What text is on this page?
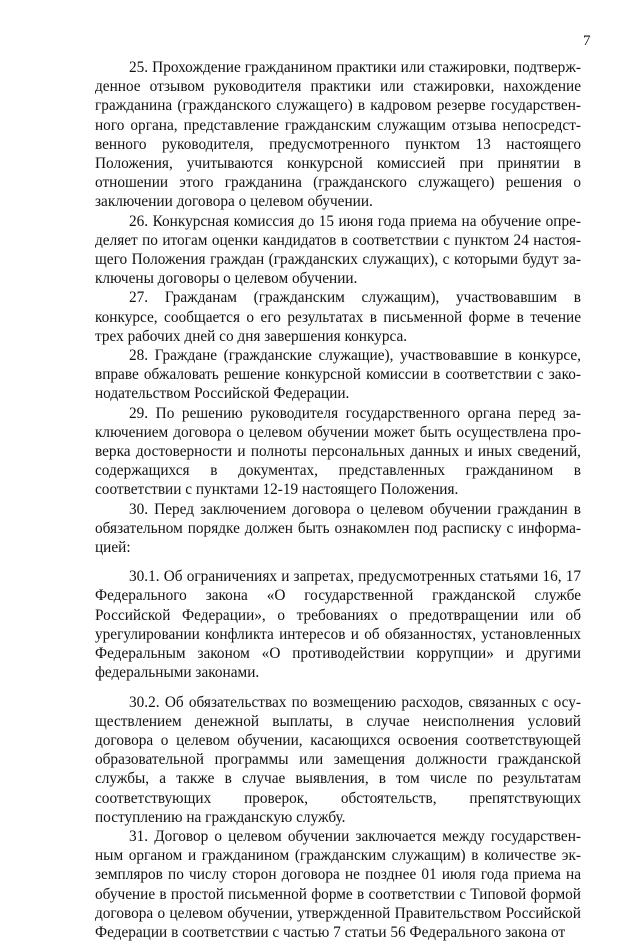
7

25. Прохождение гражданином практики или стажировки, подтвержденное отзывом руководителя практики или стажировки, нахождение гражданина (гражданского служащего) в кадровом резерве государственного органа, представление гражданским служащим отзыва непосредственного руководителя, предусмотренного пунктом 13 настоящего Положения, учитываются конкурсной комиссией при принятии в отношении этого гражданина (гражданского служащего) решения о заключении договора о целевом обучении.

26. Конкурсная комиссия до 15 июня года приема на обучение определяет по итогам оценки кандидатов в соответствии с пунктом 24 настоящего Положения граждан (гражданских служащих), с которыми будут заключены договоры о целевом обучении.

27. Гражданам (гражданским служащим), участвовавшим в конкурсе, сообщается о его результатах в письменной форме в течение трех рабочих дней со дня завершения конкурса.

28. Граждане (гражданские служащие), участвовавшие в конкурсе, вправе обжаловать решение конкурсной комиссии в соответствии с законодательством Российской Федерации.

29. По решению руководителя государственного органа перед заключением договора о целевом обучении может быть осуществлена проверка достоверности и полноты персональных данных и иных сведений, содержащихся в документах, представленных гражданином в соответствии с пунктами 12-19 настоящего Положения.

30. Перед заключением договора о целевом обучении гражданин в обязательном порядке должен быть ознакомлен под расписку с информацией:

30.1. Об ограничениях и запретах, предусмотренных статьями 16, 17 Федерального закона «О государственной гражданской службе Российской Федерации», о требованиях о предотвращении или об урегулировании конфликта интересов и об обязанностях, установленных Федеральным законом «О противодействии коррупции» и другими федеральными законами.

30.2. Об обязательствах по возмещению расходов, связанных с осуществлением денежной выплаты, в случае неисполнения условий договора о целевом обучении, касающихся освоения соответствующей образовательной программы или замещения должности гражданской службы, а также в случае выявления, в том числе по результатам соответствующих проверок, обстоятельств, препятствующих поступлению на гражданскую службу.

31. Договор о целевом обучении заключается между государственным органом и гражданином (гражданским служащим) в количестве экземпляров по числу сторон договора не позднее 01 июля года приема на обучение в простой письменной форме в соответствии с Типовой формой договора о целевом обучении, утвержденной Правительством Российской Федерации в соответствии с частью 7 статьи 56 Федерального закона от
